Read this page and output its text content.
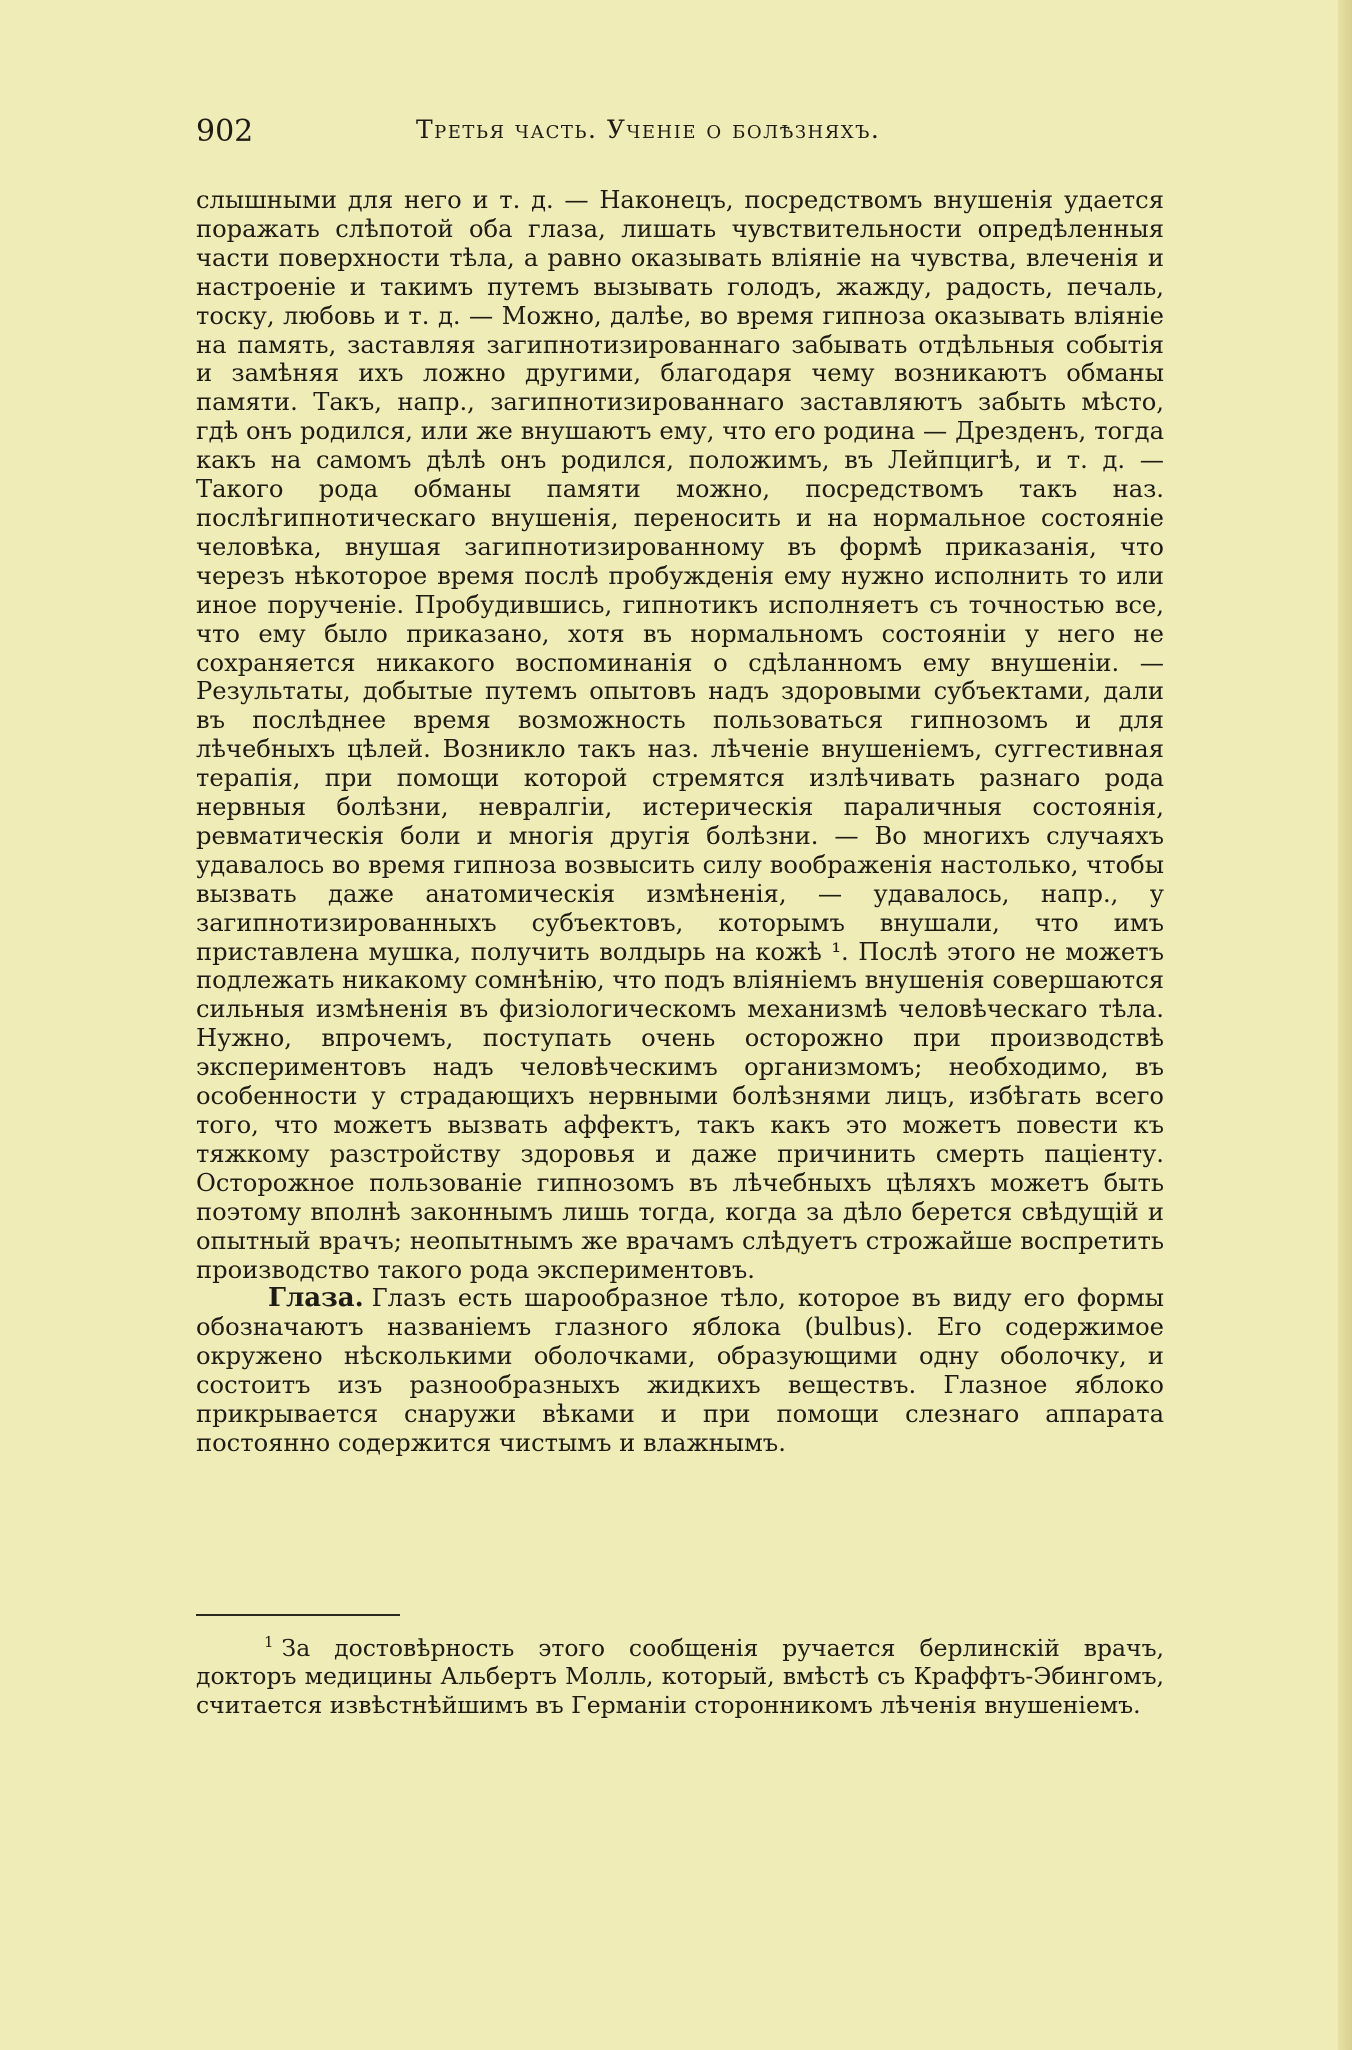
902	Третья часть. Ученіе о болѣзняхъ.

слышными для него и т. д. — Наконецъ, посредствомъ внушенія удается поражать слѣпотой оба глаза, лишать чувствительности опредѣленныя части поверхности тѣла, а равно оказывать вліяніе на чувства, влеченія и настроеніе и такимъ путемъ вызывать голодъ, жажду, радость, печаль, тоску, любовь и т. д. — Можно, далѣе, во время гипноза оказывать вліяніе на память, заставляя загипнотизированнаго забывать отдѣльныя событія и замѣняя ихъ ложно другими, благодаря чему возникаютъ обманы памяти. Такъ, напр., загипнотизированнаго заставляютъ забыть мѣсто, гдѣ онъ родился, или же внушаютъ ему, что его родина — Дрезденъ, тогда какъ на самомъ дѣлѣ онъ родился, положимъ, въ Лейпцигѣ, и т. д. — Такого рода обманы памяти можно, посредствомъ такъ наз. послѣгипнотическаго внушенія, переносить и на нормальное состояніе человѣка, внушая загипнотизированному въ формѣ приказанія, что черезъ нѣкоторое время послѣ пробужденія ему нужно исполнить то или иное порученіе. Пробудившись, гипнотикъ исполняетъ съ точностью все, что ему было приказано, хотя въ нормальномъ состояніи у него не сохраняется никакого воспоминанія о сдѣланномъ ему внушеніи. — Результаты, добытые путемъ опытовъ надъ здоровыми субъектами, дали въ послѣднее время возможность пользоваться гипнозомъ и для лѣчебныхъ цѣлей. Возникло такъ наз. лѣченіе внушеніемъ, суггестивная терапія, при помощи которой стремятся излѣчивать разнаго рода нервныя болѣзни, невралгіи, истерическія параличныя состоянія, ревматическія боли и многія другія болѣзни. — Во многихъ случаяхъ удавалось во время гипноза возвысить силу воображенія настолько, чтобы вызвать даже анатомическія измѣненія, — удавалось, напр., у загипнотизированныхъ субъектовъ, которымъ внушали, что имъ приставлена мушка, получить волдырь на кожѣ ¹. Послѣ этого не можетъ подлежать никакому сомнѣнію, что подъ вліяніемъ внушенія совершаются сильныя измѣненія въ физіологическомъ механизмѣ человѣческаго тѣла. Нужно, впрочемъ, поступать очень осторожно при производствѣ экспериментовъ надъ человѣческимъ организмомъ; необходимо, въ особенности у страдающихъ нервными болѣзнями лицъ, избѣгать всего того, что можетъ вызвать аффектъ, такъ какъ это можетъ повести къ тяжкому разстройству здоровья и даже причинить смерть паціенту. Осторожное пользованіе гипнозомъ въ лѣчебныхъ цѣляхъ можетъ быть поэтому вполнѣ законнымъ лишь тогда, когда за дѣло берется свѣдущій и опытный врачъ; неопытнымъ же врачамъ слѣдуетъ строжайше воспретить производство такого рода экспериментовъ.

Глаза. Глазъ есть шарообразное тѣло, которое въ виду его формы обозначаютъ названіемъ глазного яблока (bulbus). Его содержимое окружено нѣсколькими оболочками, образующими одну оболочку, и состоитъ изъ разнообразныхъ жидкихъ веществъ. Глазное яблоко прикрывается снаружи вѣками и при помощи слезнаго аппарата постоянно содержится чистымъ и влажнымъ.

$^1$ За достовѣрность этого сообщенія ручается берлинскій врачъ, докторъ медицины Альбертъ Молль, который, вмѣстѣ съ Краффтъ-Эбингомъ, считается извѣстнѣйшимъ въ Германіи сторонникомъ лѣченія внушеніемъ.
